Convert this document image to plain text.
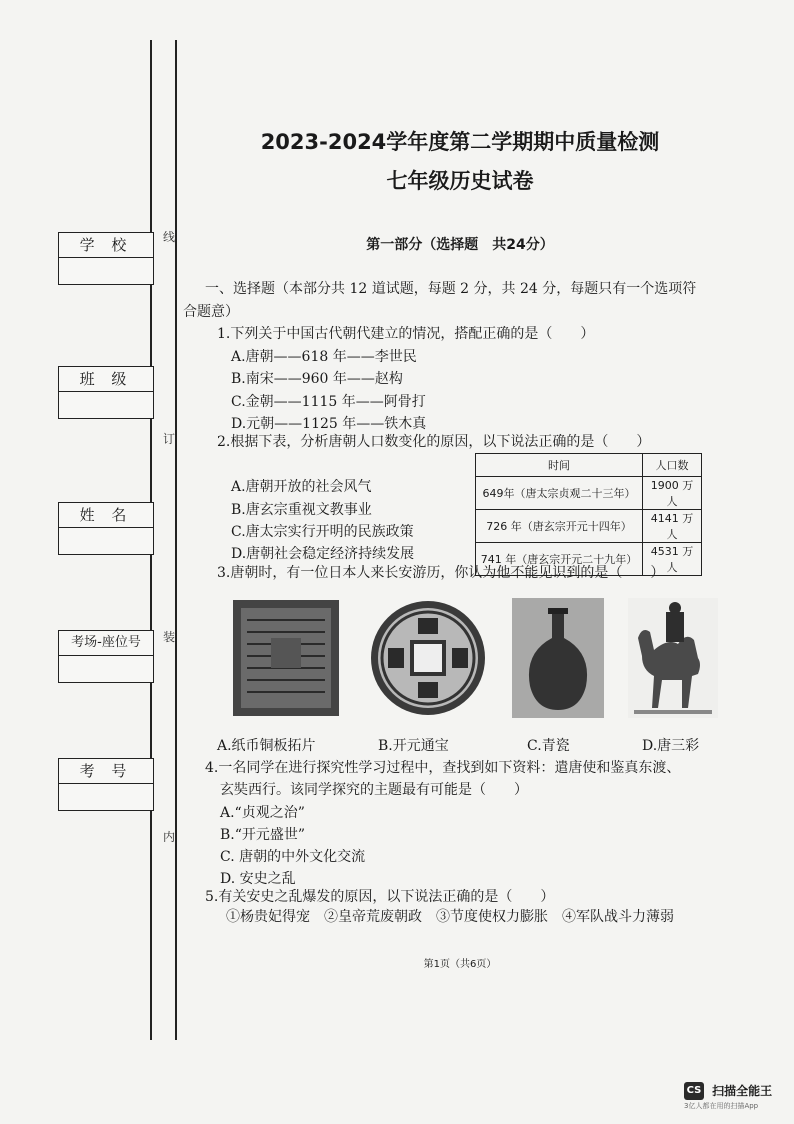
学 校
班 级
姓 名
考场-座位号
考 号
线
订
装
内
2023-2024学年度第二学期期中质量检测
七年级历史试卷
第一部分（选择题　共24分）
一、选择题（本部分共 12 道试题，每题 2 分，共 24 分，每题只有一个选项符
合题意）
1.下列关于中国古代朝代建立的情况，搭配正确的是（　　）
A.唐朝——618 年——李世民
B.南宋——960 年——赵构
C.金朝——1115 年——阿骨打
D.元朝——1125 年——铁木真
2.根据下表，分析唐朝人口数变化的原因，以下说法正确的是（　　）
A.唐朝开放的社会风气
B.唐玄宗重视文教事业
C.唐太宗实行开明的民族政策
D.唐朝社会稳定经济持续发展
时间	人口数
649年（唐太宗贞观二十三年）	1900 万人
726 年（唐玄宗开元十四年）	4141 万人
741 年（唐玄宗开元二十九年）	4531 万人
3.唐朝时，有一位日本人来长安游历，你认为他不能见识到的是（　　）
A.纸币铜板拓片	B.开元通宝	C.青瓷	D.唐三彩
4.一名同学在进行探究性学习过程中，查找到如下资料：遣唐使和鉴真东渡、
玄奘西行。该同学探究的主题最有可能是（　　）
A.“贞观之治”
B.“开元盛世”
C. 唐朝的中外文化交流
D. 安史之乱
5.有关安史之乱爆发的原因，以下说法正确的是（　　）
①杨贵妃得宠　②皇帝荒废朝政　③节度使权力膨胀　④军队战斗力薄弱
第1页（共6页）
CS 扫描全能王
3亿人都在用的扫描App
